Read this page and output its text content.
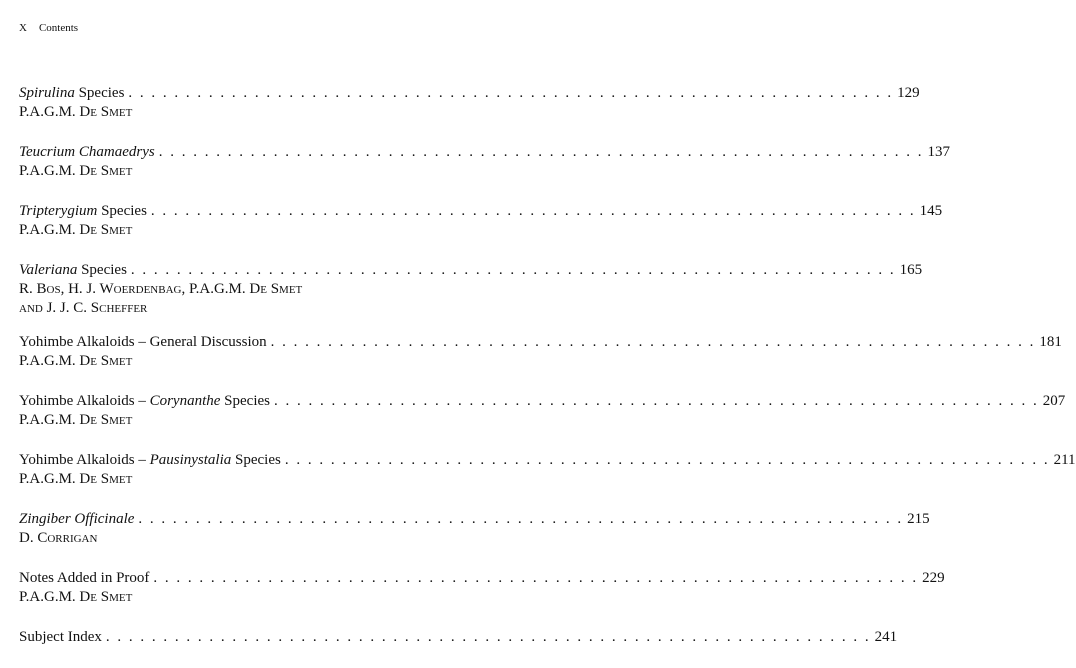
X Contents
Spirulina Species . . . . . . . . . . . . . . . . . . . . . . . . . . . . . . . . . . . . . . . . . . . . . . . . . . . . . . . . . . . . . . . . . . . 129
P.A.G.M. De Smet
Teucrium Chamaedrys . . . . . . . . . . . . . . . . . . . . . . . . . . . . . . . . . . . . . . . . . . . . . . . . . . . . . . . . . . . . . . . . . . . 137
P.A.G.M. De Smet
Tripterygium Species . . . . . . . . . . . . . . . . . . . . . . . . . . . . . . . . . . . . . . . . . . . . . . . . . . . . . . . . . . . . . . . . . . . 145
P.A.G.M. De Smet
Valeriana Species . . . . . . . . . . . . . . . . . . . . . . . . . . . . . . . . . . . . . . . . . . . . . . . . . . . . . . . . . . . . . . . . . . . 165
R. Bos, H. J. Woerdenbag, P.A.G.M. De Smet
and J. J. C. Scheffer
Yohimbe Alkaloids – General Discussion . . . . . . . . . . . . . . . . . . . . . . . . . . . . . . . . . . . . . . . . . . . . . . . . . . . . . . . . . . . . . . . . . . . 181
P.A.G.M. De Smet
Yohimbe Alkaloids – Corynanthe Species . . . . . . . . . . . . . . . . . . . . . . . . . . . . . . . . . . . . . . . . . . . . . . . . . . . . . . . . . . . . . . . . . . . 207
P.A.G.M. De Smet
Yohimbe Alkaloids – Pausinystalia Species . . . . . . . . . . . . . . . . . . . . . . . . . . . . . . . . . . . . . . . . . . . . . . . . . . . . . . . . . . . . . . . . . . . 211
P.A.G.M. De Smet
Zingiber Officinale . . . . . . . . . . . . . . . . . . . . . . . . . . . . . . . . . . . . . . . . . . . . . . . . . . . . . . . . . . . . . . . . . . . 215
D. Corrigan
Notes Added in Proof . . . . . . . . . . . . . . . . . . . . . . . . . . . . . . . . . . . . . . . . . . . . . . . . . . . . . . . . . . . . . . . . . . . 229
P.A.G.M. De Smet
Subject Index . . . . . . . . . . . . . . . . . . . . . . . . . . . . . . . . . . . . . . . . . . . . . . . . . . . . . . . . . . . . . . . . . . . 241
